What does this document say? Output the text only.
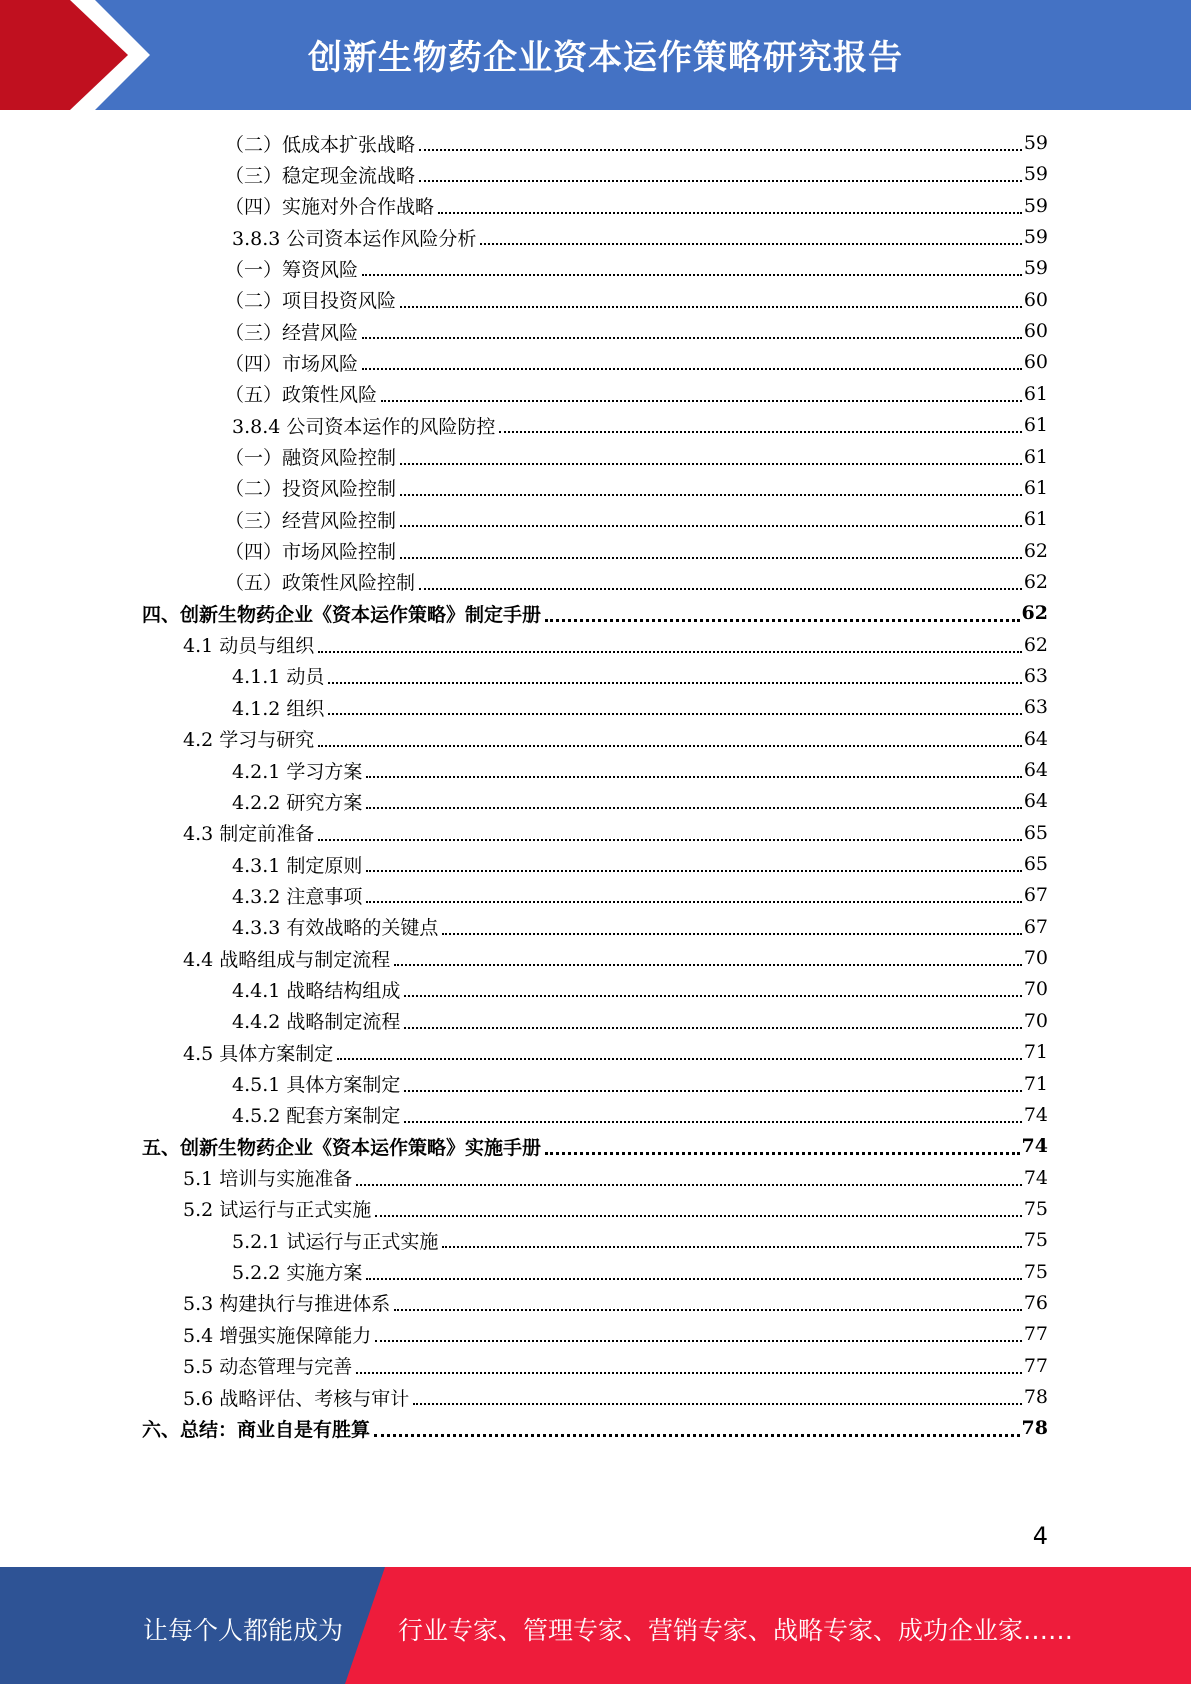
创新生物药企业资本运作策略研究报告
（二）低成本扩张战略	59
（三）稳定现金流战略	59
（四）实施对外合作战略	59
3.8.3 公司资本运作风险分析	59
（一）筹资风险	59
（二）项目投资风险	60
（三）经营风险	60
（四）市场风险	60
（五）政策性风险	61
3.8.4 公司资本运作的风险防控	61
（一）融资风险控制	61
（二）投资风险控制	61
（三）经营风险控制	61
（四）市场风险控制	62
（五）政策性风险控制	62
四、创新生物药企业《资本运作策略》制定手册	62
4.1 动员与组织	62
4.1.1 动员	63
4.1.2 组织	63
4.2 学习与研究	64
4.2.1 学习方案	64
4.2.2 研究方案	64
4.3 制定前准备	65
4.3.1 制定原则	65
4.3.2 注意事项	67
4.3.3 有效战略的关键点	67
4.4 战略组成与制定流程	70
4.4.1 战略结构组成	70
4.4.2 战略制定流程	70
4.5 具体方案制定	71
4.5.1 具体方案制定	71
4.5.2 配套方案制定	74
五、创新生物药企业《资本运作策略》实施手册	74
5.1 培训与实施准备	74
5.2 试运行与正式实施	75
5.2.1 试运行与正式实施	75
5.2.2 实施方案	75
5.3 构建执行与推进体系	76
5.4 增强实施保障能力	77
5.5 动态管理与完善	77
5.6 战略评估、考核与审计	78
六、总结：商业自是有胜算	78
4
让每个人都能成为 行业专家、管理专家、营销专家、战略专家、成功企业家……
